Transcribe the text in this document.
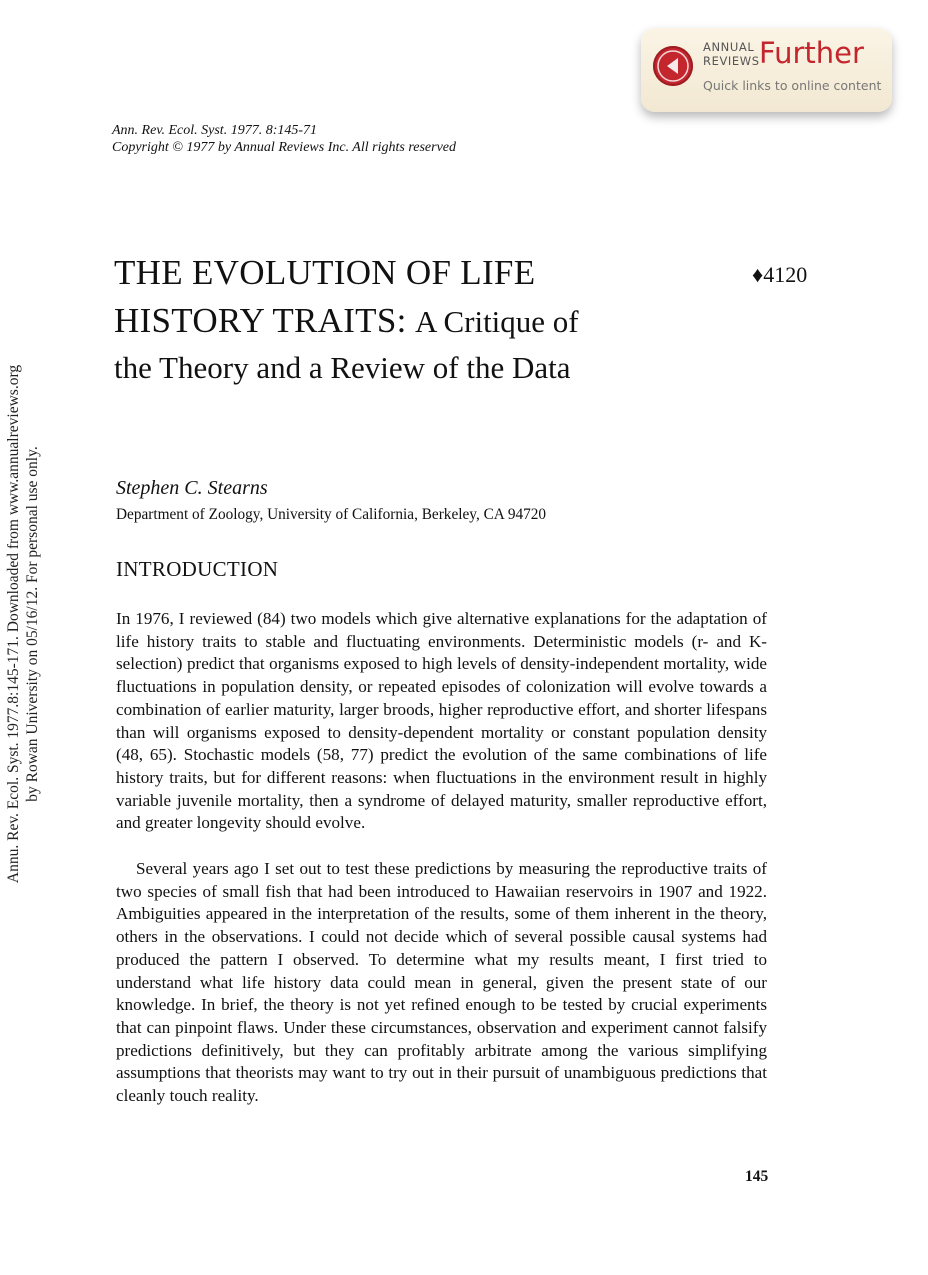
Annu. Rev. Ecol. Syst. 1977.8:145-171. Downloaded from www.annualreviews.org by Rowan University on 05/16/12. For personal use only.
ANNUAL
REVIEWS Further
Quick links to online content
Ann. Rev. Ecol. Syst. 1977. 8:145-71
Copyright © 1977 by Annual Reviews Inc. All rights reserved
THE EVOLUTION OF LIFE HISTORY TRAITS: A Critique of the Theory and a Review of the Data
♦4120
Stephen C. Stearns
Department of Zoology, University of California, Berkeley, CA 94720
INTRODUCTION
In 1976, I reviewed (84) two models which give alternative explanations for the adaptation of life history traits to stable and fluctuating environments. Deterministic models (r- and K-selection) predict that organisms exposed to high levels of density-independent mortality, wide fluctuations in population density, or repeated episodes of colonization will evolve towards a combination of earlier maturity, larger broods, higher reproductive effort, and shorter lifespans than will organisms exposed to density-dependent mortality or constant population density (48, 65). Stochastic models (58, 77) predict the evolution of the same combinations of life history traits, but for different reasons: when fluctuations in the environment result in highly variable juvenile mortality, then a syndrome of delayed maturity, smaller reproductive effort, and greater longevity should evolve.
Several years ago I set out to test these predictions by measuring the reproductive traits of two species of small fish that had been introduced to Hawaiian reservoirs in 1907 and 1922. Ambiguities appeared in the interpretation of the results, some of them inherent in the theory, others in the observations. I could not decide which of several possible causal systems had produced the pattern I observed. To determine what my results meant, I first tried to understand what life history data could mean in general, given the present state of our knowledge. In brief, the theory is not yet refined enough to be tested by crucial experiments that can pinpoint flaws. Under these circumstances, observation and experiment cannot falsify predictions definitively, but they can profitably arbitrate among the various simplifying assumptions that theorists may want to try out in their pursuit of unambiguous predictions that cleanly touch reality.
145
